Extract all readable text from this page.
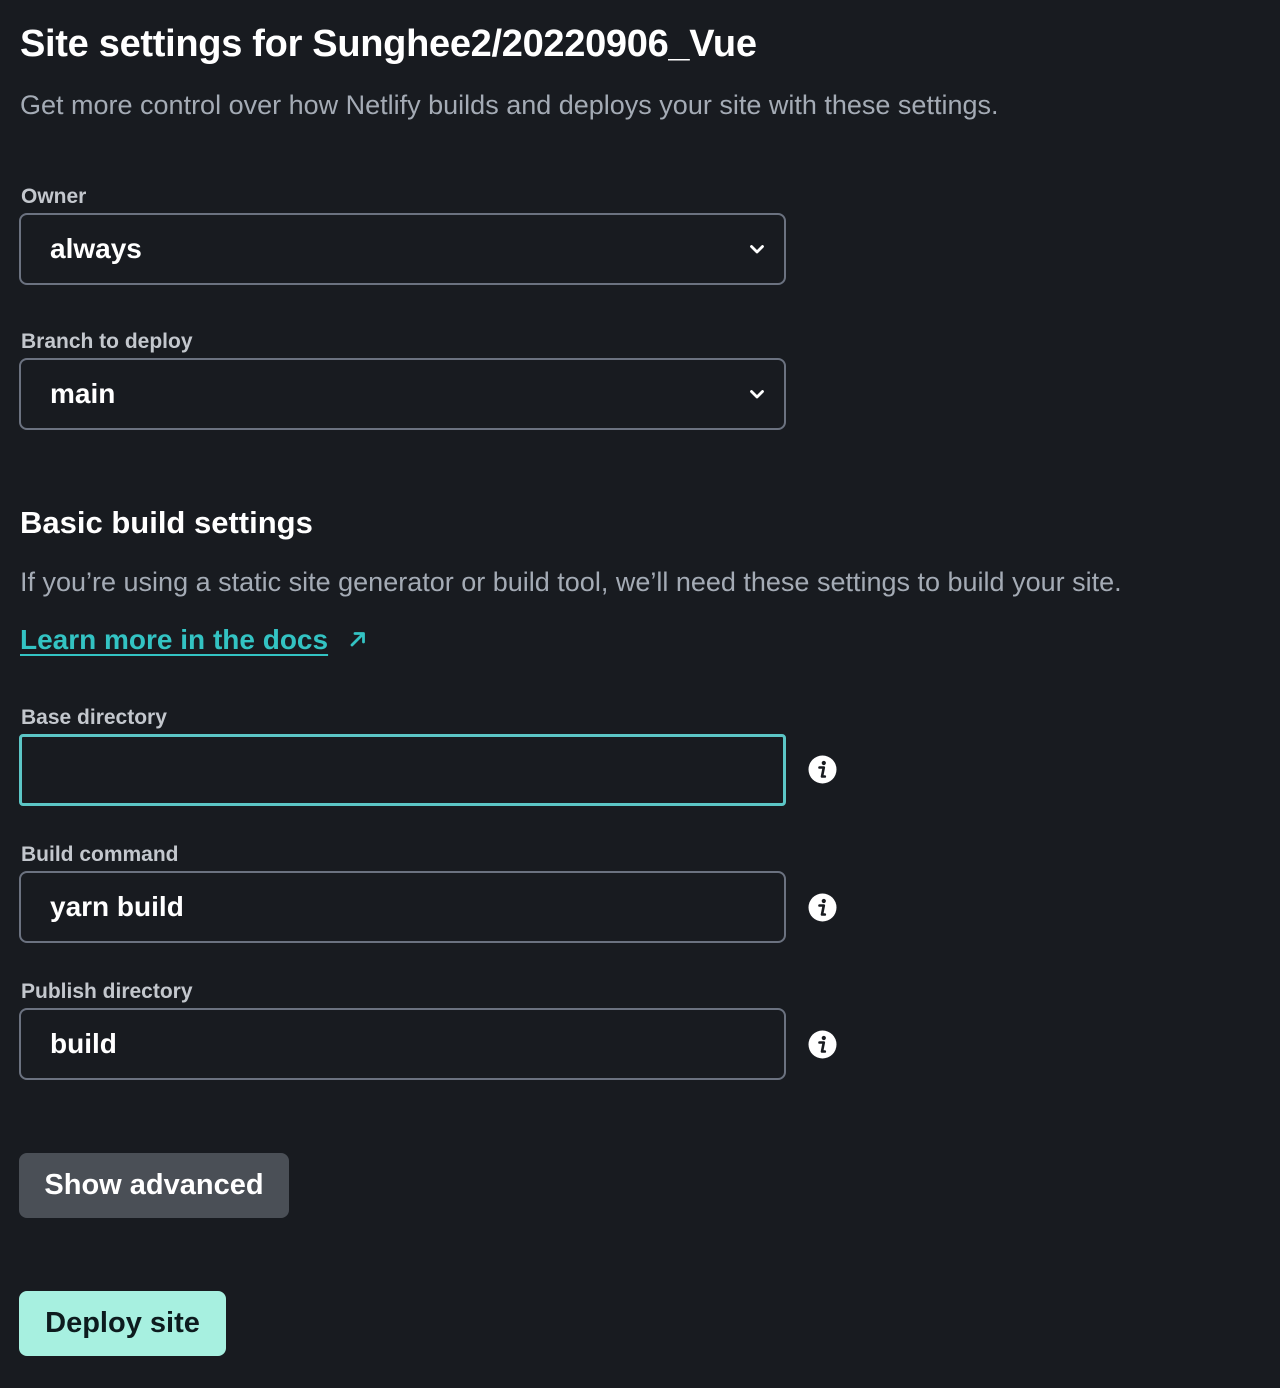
Site settings for Sunghee2/20220906_Vue
Get more control over how Netlify builds and deploys your site with these settings.
Owner
always
Branch to deploy
main
Basic build settings
If you’re using a static site generator or build tool, we’ll need these settings to build your site.
Learn more in the docs
Base directory
Build command
yarn build
Publish directory
build
Show advanced
Deploy site
